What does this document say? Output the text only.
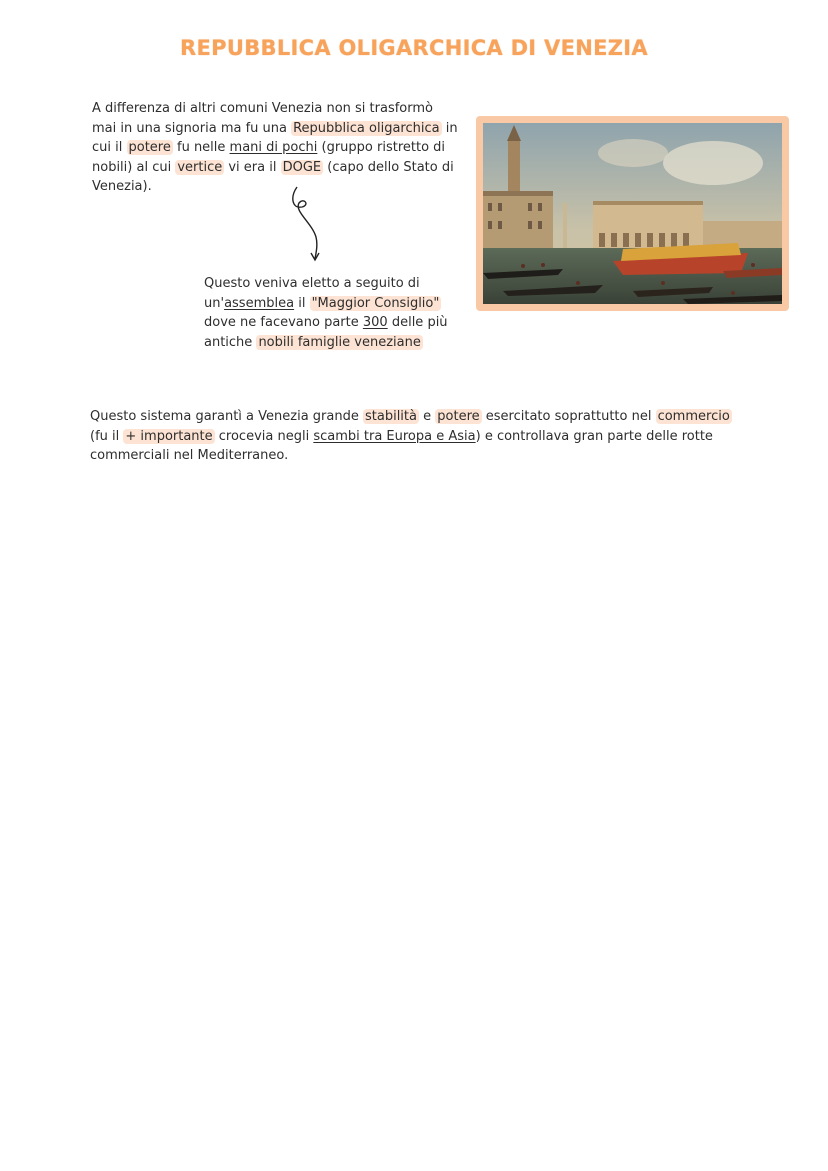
REPUBBLICA OLIGARCHICA DI VENEZIA
A differenza di altri comuni Venezia non si trasformò mai in una signoria ma fu una Repubblica oligarchica in cui il potere fu nelle mani di pochi (gruppo ristretto di nobili) al cui vertice vi era il DOGE (capo dello Stato di Venezia).
Questo veniva eletto a seguito di un'assemblea il "Maggior Consiglio" dove ne facevano parte 300 delle più antiche nobili famiglie veneziane
Questo sistema garantì a Venezia grande stabilità e potere esercitato soprattutto nel commercio (fu il + importante crocevia negli scambi tra Europa e Asia) e controllava gran parte delle rotte commerciali nel Mediterraneo.
